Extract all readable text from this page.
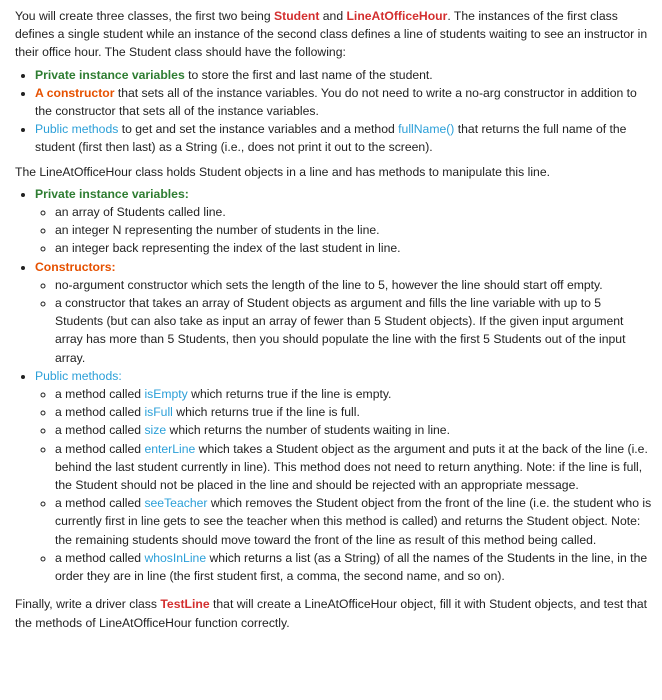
You will create three classes, the first two being Student and LineAtOfficeHour. The instances of the first class defines a single student while an instance of the second class defines a line of students waiting to see an instructor in their office hour. The Student class should have the following:

• Private instance variables to store the first and last name of the student.
• A constructor that sets all of the instance variables. You do not need to write a no-arg constructor in addition to the constructor that sets all of the instance variables.
• Public methods to get and set the instance variables and a method fullName() that returns the full name of the student (first then last) as a String (i.e., does not print it out to the screen).

The LineAtOfficeHour class holds Student objects in a line and has methods to manipulate this line.

• Private instance variables:
◦ an array of Students called line.
◦ an integer N representing the number of students in the line.
◦ an integer back representing the index of the last student in line.
• Constructors:
◦ no-argument constructor which sets the length of the line to 5, however the line should start off empty.
◦ a constructor that takes an array of Student objects as argument and fills the line variable with up to 5 Students (but can also take as input an array of fewer than 5 Student objects). If the given input argument array has more than 5 Students, then you should populate the line with the first 5 Students out of the input array.
• Public methods:
◦ a method called isEmpty which returns true if the line is empty.
◦ a method called isFull which returns true if the line is full.
◦ a method called size which returns the number of students waiting in line.
◦ a method called enterLine which takes a Student object as the argument and puts it at the back of the line (i.e. behind the last student currently in line). This method does not need to return anything. Note: if the line is full, the Student should not be placed in the line and should be rejected with an appropriate message.
◦ a method called seeTeacher which removes the Student object from the front of the line (i.e. the student who is currently first in line gets to see the teacher when this method is called) and returns the Student object. Note: the remaining students should move toward the front of the line as result of this method being called.
◦ a method called whosInLine which returns a list (as a String) of all the names of the Students in the line, in the order they are in line (the first student first, a comma, the second name, and so on).

Finally, write a driver class TestLine that will create a LineAtOfficeHour object, fill it with Student objects, and test that the methods of LineAtOfficeHour function correctly.
